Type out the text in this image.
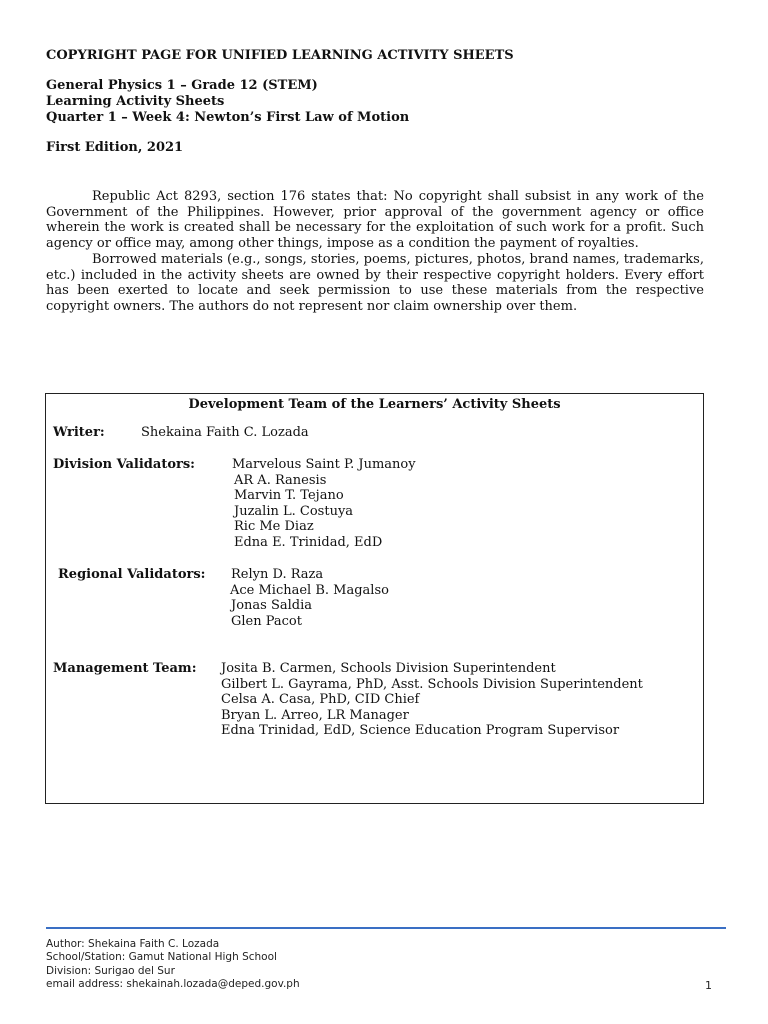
COPYRIGHT PAGE FOR UNIFIED LEARNING ACTIVITY SHEETS

General Physics 1 – Grade 12 (STEM)

Learning Activity Sheets

Quarter 1 – Week 4: Newton’s First Law of Motion

First Edition, 2021

Republic Act 8293, section 176 states that: No copyright shall subsist in any work of the Government of the Philippines. However, prior approval of the government agency or office wherein the work is created shall be necessary for the exploitation of such work for a profit. Such agency or office may, among other things, impose as a condition the payment of royalties.

Borrowed materials (e.g., songs, stories, poems, pictures, photos, brand names, trademarks, etc.) included in the activity sheets are owned by their respective copyright holders. Every effort has been exerted to locate and seek permission to use these materials from the respective copyright owners. The authors do not represent nor claim ownership over them.

Development Team of the Learners’ Activity Sheets
Writer:	Shekaina Faith C. Lozada
Division Validators:	Marvelous Saint P. Jumanoy
AR A. Ranesis
Marvin T. Tejano
Juzalin L. Costuya
Ric Me Diaz
Edna E. Trinidad, EdD
Regional Validators: Relyn D. Raza
Ace Michael B. Magalso
Jonas Saldia
Glen Pacot
Management Team: Josita B. Carmen, Schools Division Superintendent
Gilbert L. Gayrama, PhD, Asst. Schools Division Superintendent
Celsa A. Casa, PhD, CID Chief
Bryan L. Arreo, LR Manager
Edna Trinidad, EdD, Science Education Program Supervisor
Author: Shekaina Faith C. Lozada
School/Station: Gamut National High School
Division: Surigao del Sur
email address: shekainah.lozada@deped.gov.ph	1
